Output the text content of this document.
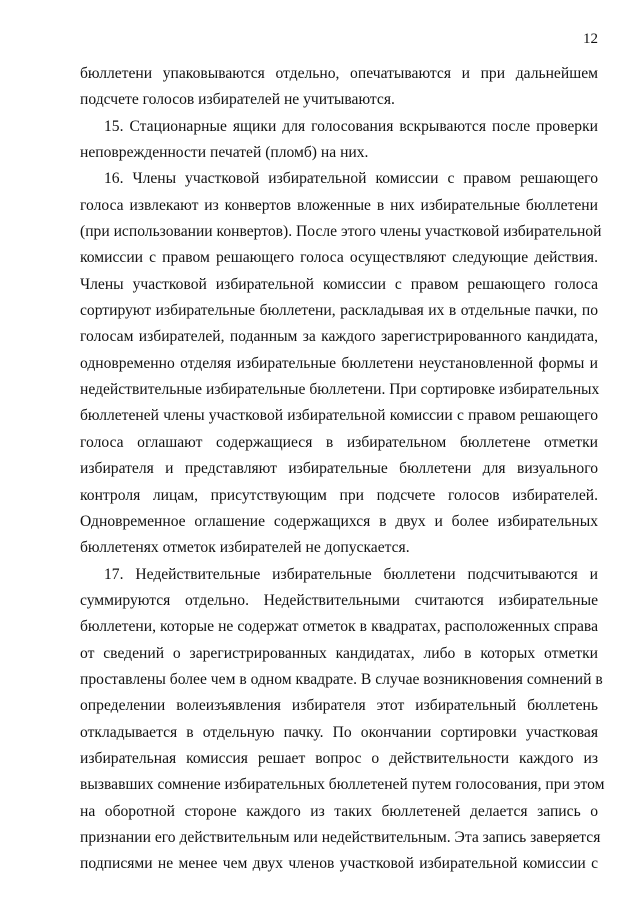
12
бюллетени упаковываются отдельно, опечатываются и при дальнейшем
подсчете голосов избирателей не учитываются.
15. Стационарные ящики для голосования вскрываются после проверки
неповрежденности печатей (пломб) на них.
16. Члены участковой избирательной комиссии с правом решающего
голоса извлекают из конвертов вложенные в них избирательные бюллетени
(при использовании конвертов). После этого члены участковой избирательной
комиссии с правом решающего голоса осуществляют следующие действия.
Члены участковой избирательной комиссии с правом решающего голоса
сортируют избирательные бюллетени, раскладывая их в отдельные пачки, по
голосам избирателей, поданным за каждого зарегистрированного кандидата,
одновременно отделяя избирательные бюллетени неустановленной формы и
недействительные избирательные бюллетени. При сортировке избирательных
бюллетеней члены участковой избирательной комиссии с правом решающего
голоса оглашают содержащиеся в избирательном бюллетене отметки
избирателя и представляют избирательные бюллетени для визуального
контроля лицам, присутствующим при подсчете голосов избирателей.
Одновременное оглашение содержащихся в двух и более избирательных
бюллетенях отметок избирателей не допускается.
17. Недействительные избирательные бюллетени подсчитываются и
суммируются отдельно. Недействительными считаются избирательные
бюллетени, которые не содержат отметок в квадратах, расположенных справа
от сведений о зарегистрированных кандидатах, либо в которых отметки
проставлены более чем в одном квадрате. В случае возникновения сомнений в
определении волеизъявления избирателя этот избирательный бюллетень
откладывается в отдельную пачку. По окончании сортировки участковая
избирательная комиссия решает вопрос о действительности каждого из
вызвавших сомнение избирательных бюллетеней путем голосования, при этом
на оборотной стороне каждого из таких бюллетеней делается запись о
признании его действительным или недействительным. Эта запись заверяется
подписями не менее чем двух членов участковой избирательной комиссии с
